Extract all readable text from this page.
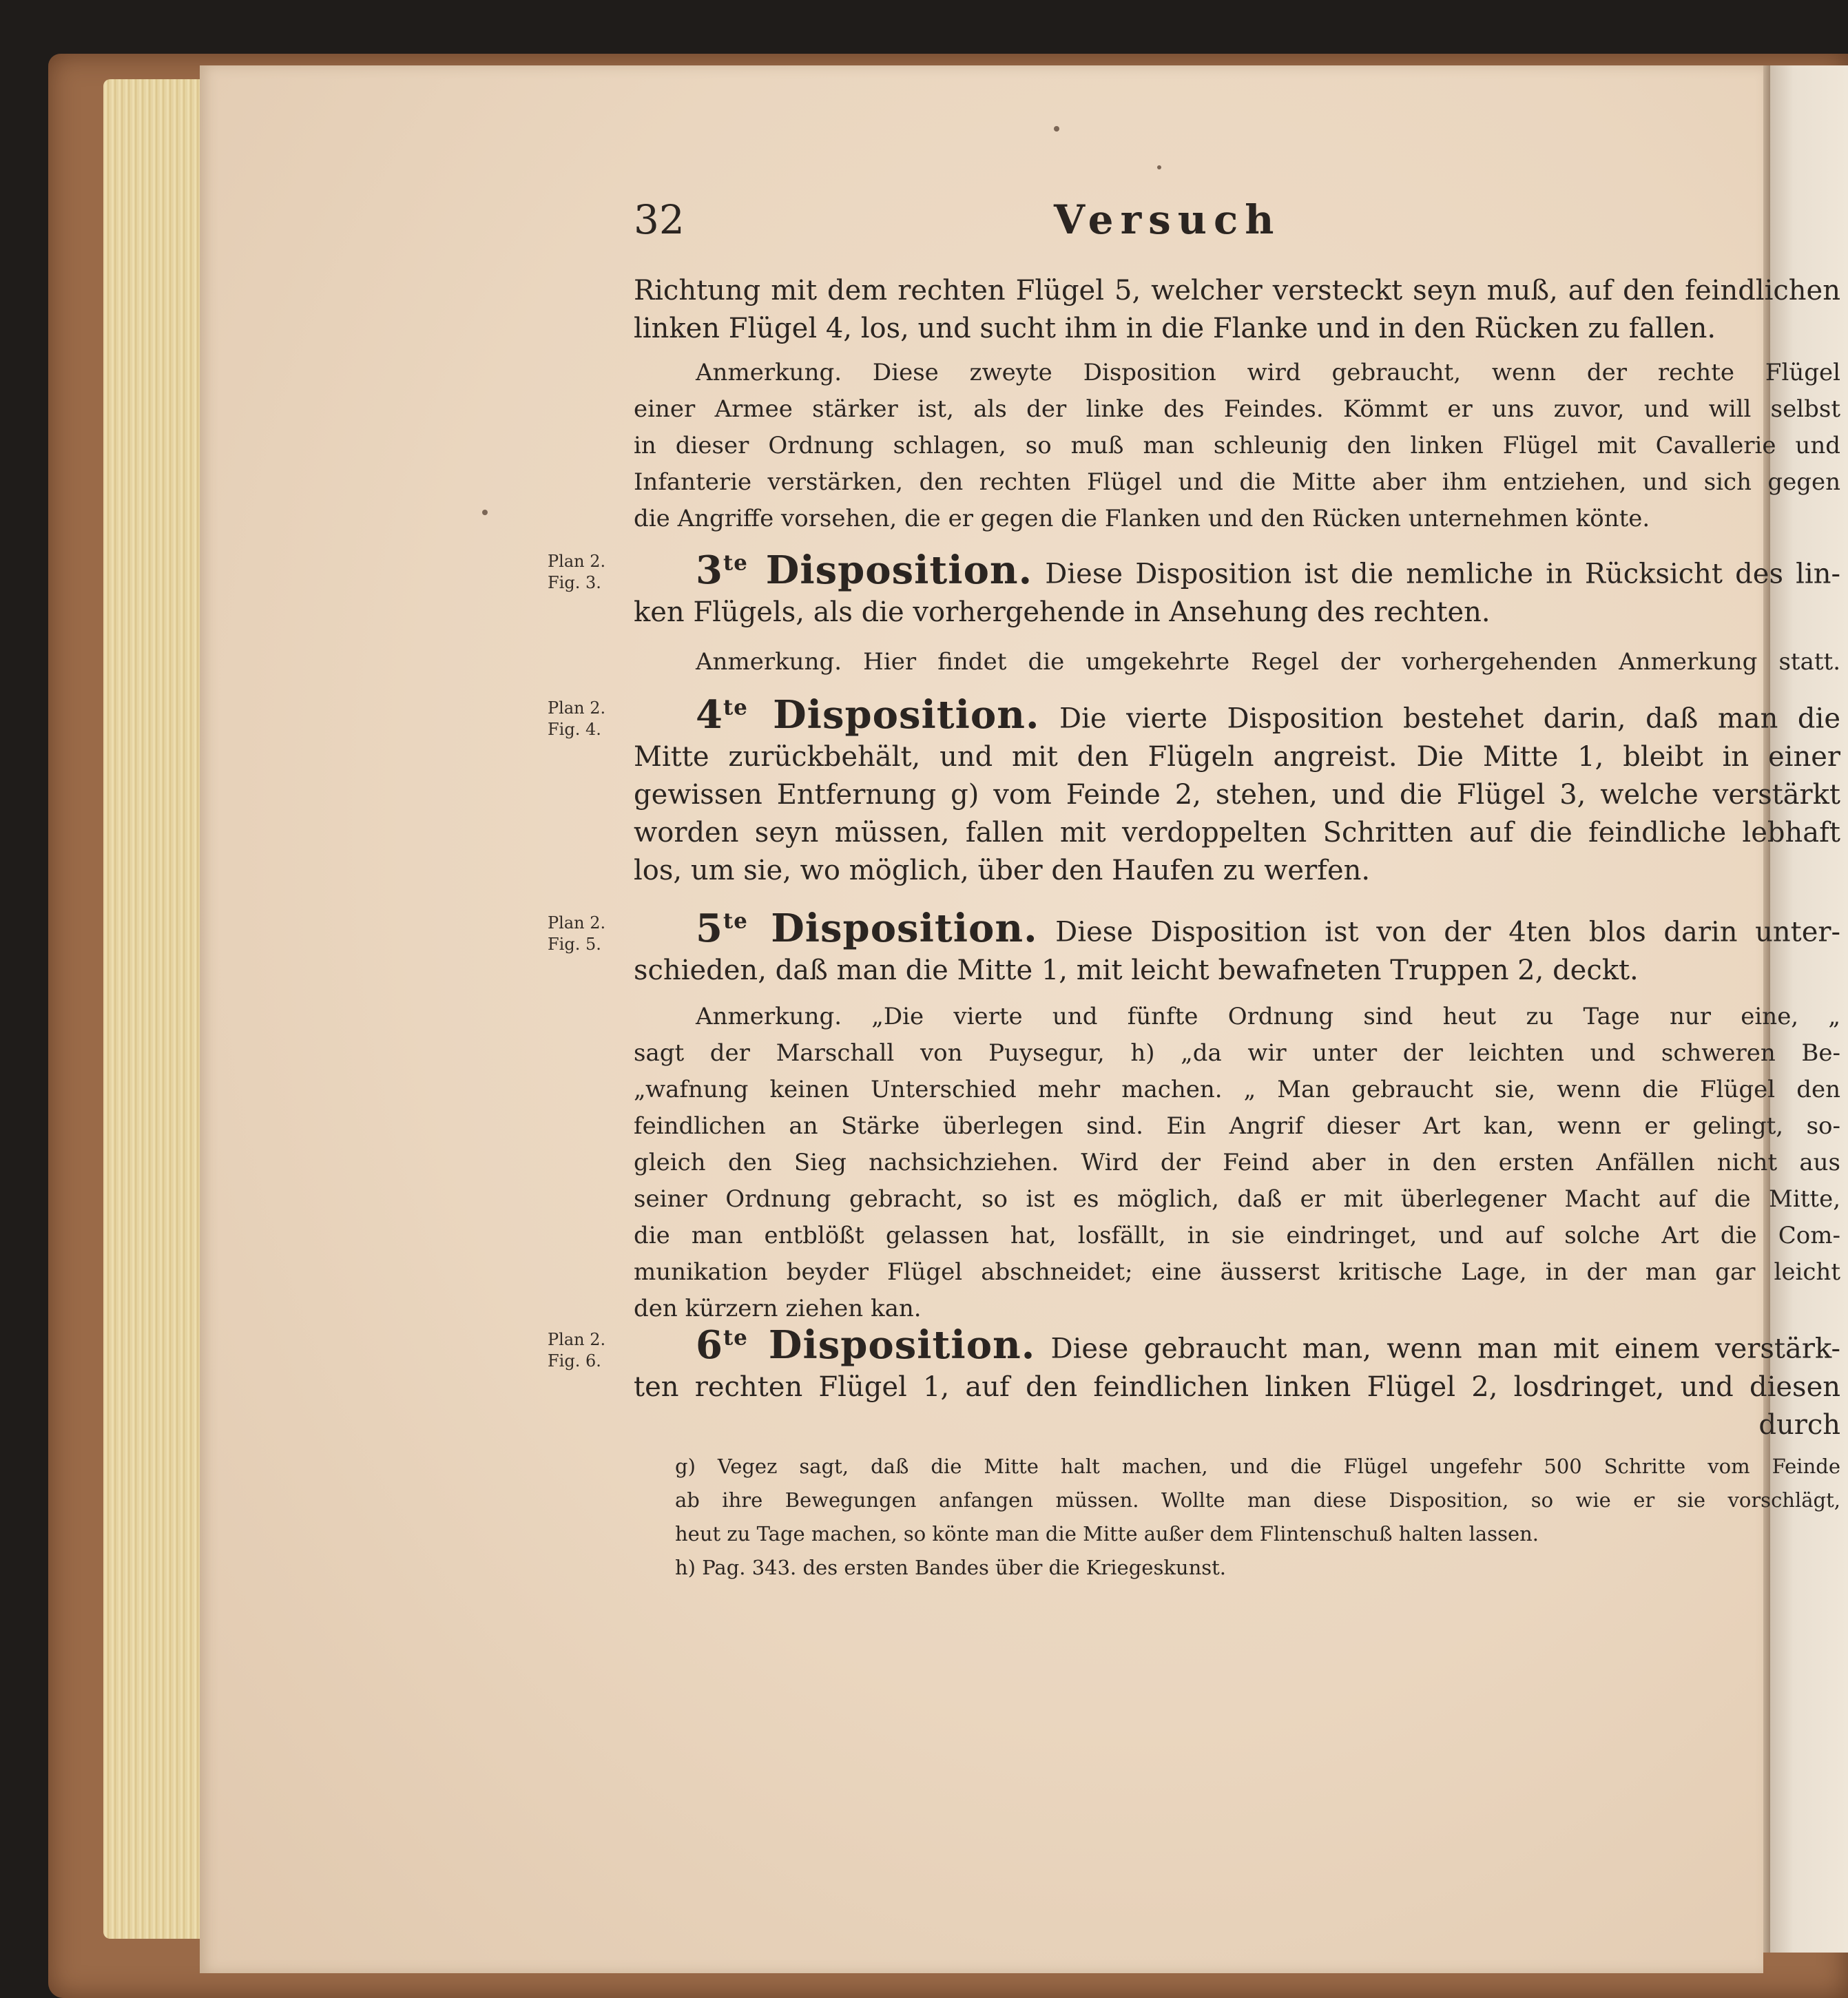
32	Versuch
Richtung mit dem rechten Flügel 5, welcher versteckt seyn muß, auf den feindlichen
linken Flügel 4, los, und sucht ihm in die Flanke und in den Rücken zu fallen.
Anmerkung. Diese zweyte Disposition wird gebraucht, wenn der rechte Flügel
einer Armee stärker ist, als der linke des Feindes. Kömmt er uns zuvor, und will selbst
in dieser Ordnung schlagen, so muß man schleunig den linken Flügel mit Cavallerie und
Infanterie verstärken, den rechten Flügel und die Mitte aber ihm entziehen, und sich gegen
die Angriffe vorsehen, die er gegen die Flanken und den Rücken unternehmen könte.
Plan 2.
Fig. 3.	$3^{te}$ Disposition. Diese Disposition ist die nemliche in Rücksicht des lin-
ken Flügels, als die vorhergehende in Ansehung des rechten.
Anmerkung. Hier findet die umgekehrte Regel der vorhergehenden Anmerkung statt.
Plan 2.
Fig. 4.	$4^{te}$ Disposition. Die vierte Disposition bestehet darin, daß man die
Mitte zurückbehält, und mit den Flügeln angreist. Die Mitte 1, bleibt in einer
gewissen Entfernung g) vom Feinde 2, stehen, und die Flügel 3, welche verstärkt
worden seyn müssen, fallen mit verdoppelten Schritten auf die feindliche lebhaft
los, um sie, wo möglich, über den Haufen zu werfen.
Plan 2.
Fig. 5.	$5^{te}$ Disposition. Diese Disposition ist von der 4ten blos darin unter-
schieden, daß man die Mitte 1, mit leicht bewafneten Truppen 2, deckt.
Anmerkung. „Die vierte und fünfte Ordnung sind heut zu Tage nur eine, „
sagt der Marschall von Puysegur, h) „da wir unter der leichten und schweren Be-
„wafnung keinen Unterschied mehr machen. „ Man gebraucht sie, wenn die Flügel den
feindlichen an Stärke überlegen sind. Ein Angrif dieser Art kan, wenn er gelingt, so-
gleich den Sieg nachsichziehen. Wird der Feind aber in den ersten Anfällen nicht aus
seiner Ordnung gebracht, so ist es möglich, daß er mit überlegener Macht auf die Mitte,
die man entblößt gelassen hat, losfällt, in sie eindringet, und auf solche Art die Com-
munikation beyder Flügel abschneidet; eine äusserst kritische Lage, in der man gar leicht
den kürzern ziehen kan.
Plan 2.
Fig. 6.	$6^{te}$ Disposition. Diese gebraucht man, wenn man mit einem verstärk-
ten rechten Flügel 1, auf den feindlichen linken Flügel 2, losdringet, und diesen
durch
g) Vegez sagt, daß die Mitte halt machen, und die Flügel ungefehr 500 Schritte vom Feinde
ab ihre Bewegungen anfangen müssen. Wollte man diese Disposition, so wie er sie vorschlägt,
heut zu Tage machen, so könte man die Mitte außer dem Flintenschuß halten lassen.
h) Pag. 343. des ersten Bandes über die Kriegeskunst.
